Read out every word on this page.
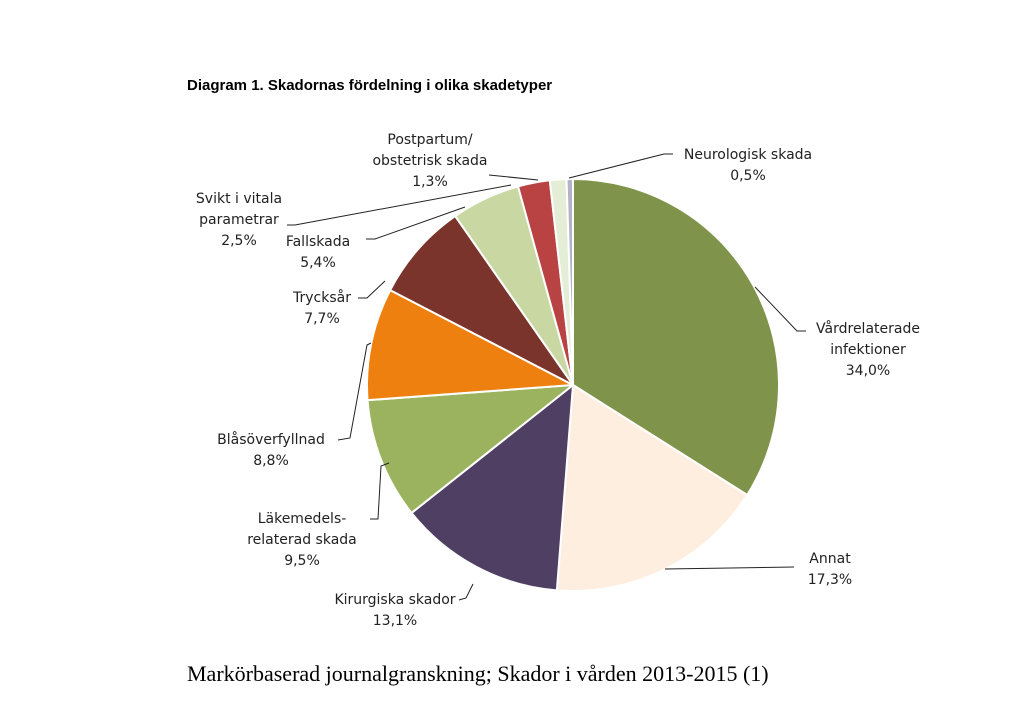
Diagram 1. Skadornas fördelning i olika skadetyper
Vårdrelaterade infektioner 34,0%
Annat 17,3%
Kirurgiska skador 13,1%
Läkemedels-relaterad skada 9,5%
Blåsöverfyllnad 8,8%
Trycksår 7,7%
Fallskada 5,4%
Svikt i vitala parametrar 2,5%
Postpartum/ obstetrisk skada 1,3%
Neurologisk skada 0,5%
Markörbaserad journalgranskning; Skador i vården 2013-2015 (1)
